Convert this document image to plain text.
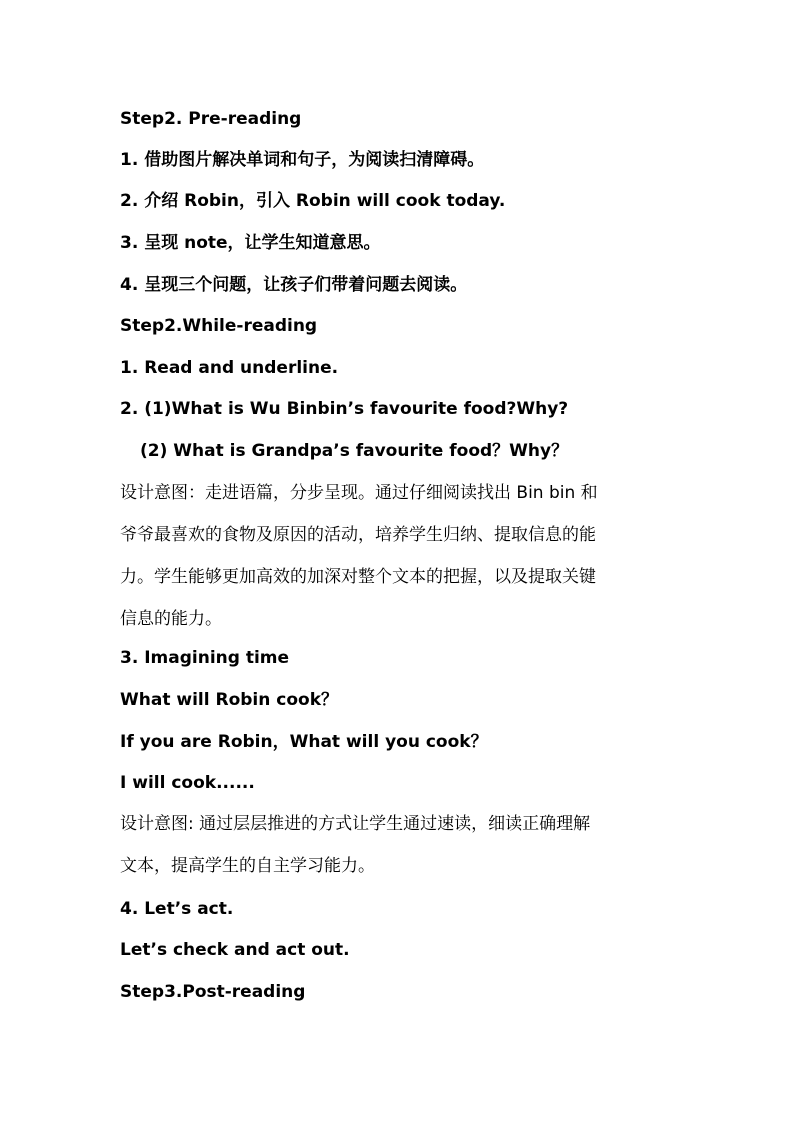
Step2. Pre-reading
1. 借助图片解决单词和句子，为阅读扫清障碍。
2. 介绍 Robin，引入 Robin will cook today.
3. 呈现 note，让学生知道意思。
4. 呈现三个问题，让孩子们带着问题去阅读。
Step2.While-reading
1. Read and underline.
2. (1)What is Wu Binbin’s favourite food?Why?
(2) What is Grandpa’s favourite food？Why？
设计意图：走进语篇，分步呈现。通过仔细阅读找出 Bin bin 和
爷爷最喜欢的食物及原因的活动，培养学生归纳、提取信息的能
力。学生能够更加高效的加深对整个文本的把握，以及提取关键
信息的能力。
3. Imagining time
What will Robin cook？
If you are Robin，What will you cook？
I will cook......
设计意图: 通过层层推进的方式让学生通过速读，细读正确理解
文本，提高学生的自主学习能力。
4. Let’s act.
Let’s check and act out.
Step3.Post-reading
